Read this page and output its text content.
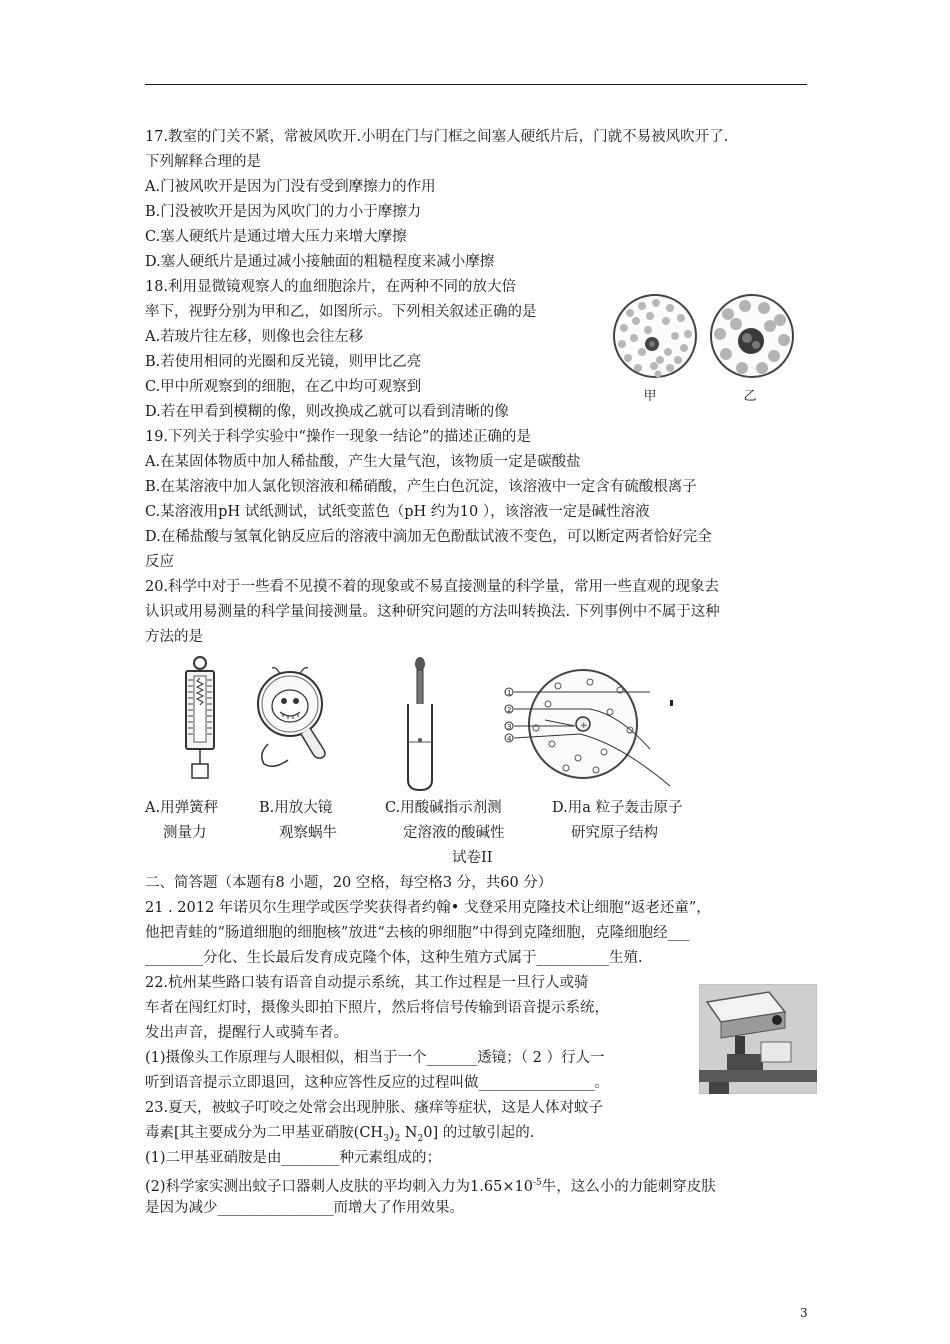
17.教室的门关不紧，常被风吹开.小明在门与门框之间塞人硬纸片后，门就不易被风吹开了.
下列解释合理的是
A.门被风吹开是因为门没有受到摩擦力的作用
B.门没被吹开是因为风吹门的力小于摩擦力
C.塞人硬纸片是通过增大压力来增大摩擦
D.塞人硬纸片是通过减小接触面的粗糙程度来减小摩擦
18.利用显微镜观察人的血细胞涂片，在两种不同的放大倍
率下，视野分别为甲和乙，如图所示。下列相关叙述正确的是
A.若玻片往左移，则像也会往左移
B.若使用相同的光圈和反光镜，则甲比乙亮
C.甲中所观察到的细胞，在乙中均可观察到
D.若在甲看到模糊的像，则改换成乙就可以看到清晰的像
甲	乙
19.下列关于科学实验中“操作一现象一结论”的描述正确的是
A.在某固体物质中加人稀盐酸，产生大量气泡，该物质一定是碳酸盐
B.在某溶液中加人氯化钡溶液和稀硝酸，产生白色沉淀，该溶液中一定含有硫酸根离子
C.某溶液用pH 试纸测试，试纸变蓝色（pH 约为10 ），该溶液一定是碱性溶液
D.在稀盐酸与氢氧化钠反应后的溶液中滴加无色酚酞试液不变色，可以断定两者恰好完全
反应
20.科学中对于一些看不见摸不着的现象或不易直接测量的科学量，常用一些直观的现象去
认识或用易测量的科学量间接测量。这种研究问题的方法叫转换法. 下列事例中不属于这种
方法的是
1
2
3
4
+
A.用弹簧秤
测量力
B.用放大镜
观察蜗牛
C.用酸碱指示剂测
定溶液的酸碱性
D.用a 粒子轰击原子
研究原子结构
试卷II
二、简答题（本题有8 小题，20 空格，每空格3 分，共60 分）
21 . 2012 年诺贝尔生理学或医学奖获得者约翰• 戈登采用克隆技术让细胞“返老还童”，
他把青蛙的“肠道细胞的细胞核”放进“去核的卵细胞”中得到克隆细胞，克隆细胞经___
________分化、生长最后发育成克隆个体，这种生殖方式属于__________生殖.
22.杭州某些路口装有语音自动提示系统，其工作过程是一旦行人或骑
车者在闯红灯时，摄像头即拍下照片，然后将信号传输到语音提示系统，
发出声音，提醒行人或骑车者。
(1)摄像头工作原理与人眼相似，相当于一个_______透镜；（ 2 ）行人一
听到语音提示立即退回，这种应答性反应的过程叫做________________。
23.夏天，被蚊子叮咬之处常会出现肿胀、瘙痒等症状，这是人体对蚊子
毒素[其主要成分为二甲基亚硝胺$(CH_3)_2$ $N_20$] 的过敏引起的.
(1)二甲基亚硝胺是由________种元素组成的；
(2)科学家实测出蚊子口器刺人皮肤的平均刺入力为$1.65\times 10^{-5}$牛，这么小的力能刺穿皮肤
是因为减少________________而增大了作用效果。
3
